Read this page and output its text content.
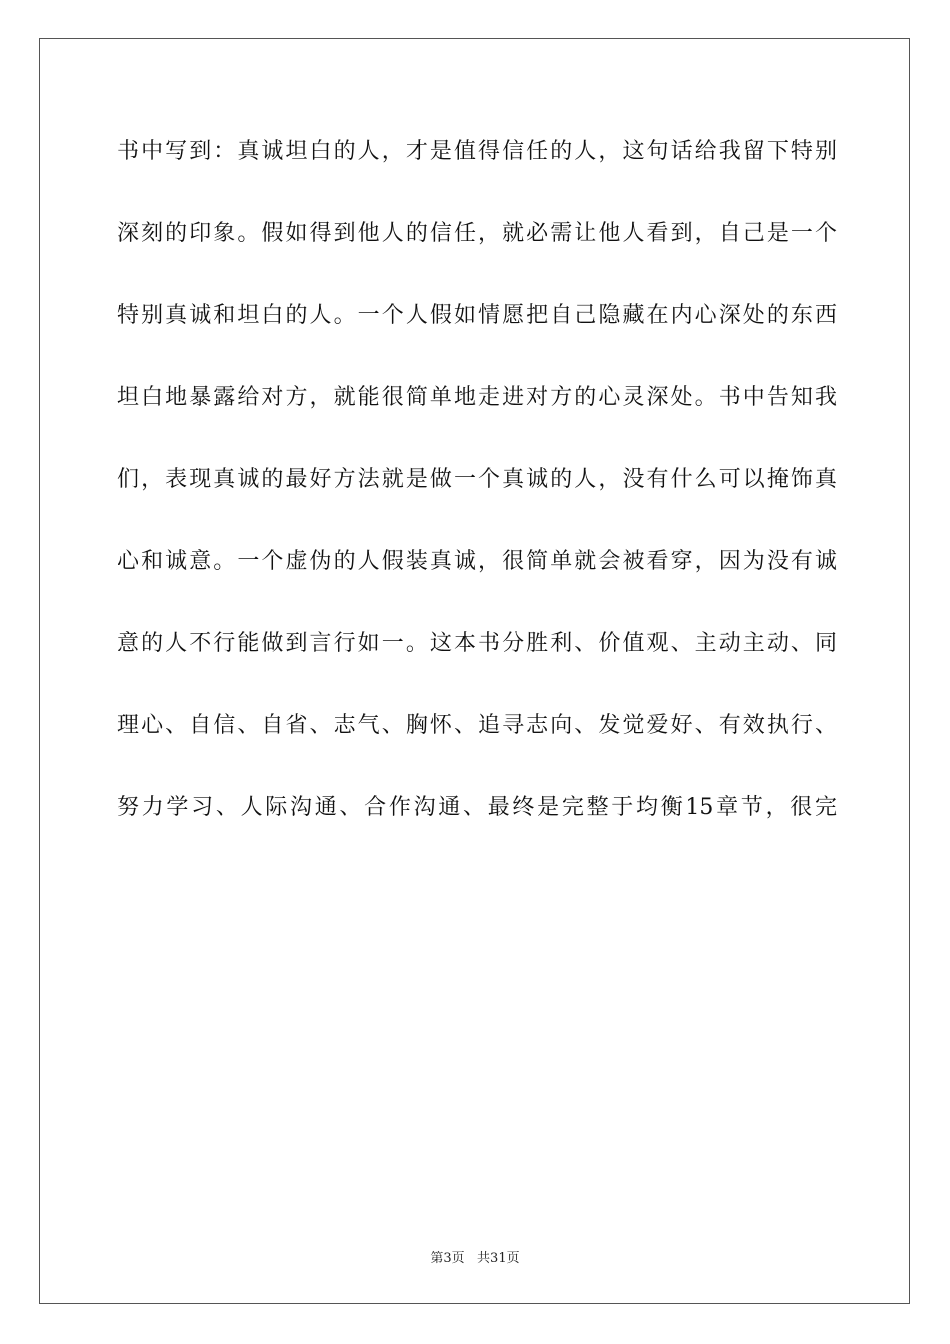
书中写到：真诚坦白的人，才是值得信任的人，这句话给我留下特别
深刻的印象。假如得到他人的信任，就必需让他人看到，自己是一个
特别真诚和坦白的人。一个人假如情愿把自己隐藏在内心深处的东西
坦白地暴露给对方，就能很简单地走进对方的心灵深处。书中告知我
们，表现真诚的最好方法就是做一个真诚的人，没有什么可以掩饰真
心和诚意。一个虚伪的人假装真诚，很简单就会被看穿，因为没有诚
意的人不行能做到言行如一。这本书分胜利、价值观、主动主动、同
理心、自信、自省、志气、胸怀、追寻志向、发觉爱好、有效执行、
努力学习、人际沟通、合作沟通、最终是完整于均衡15章节，很完
第3页   共31页
